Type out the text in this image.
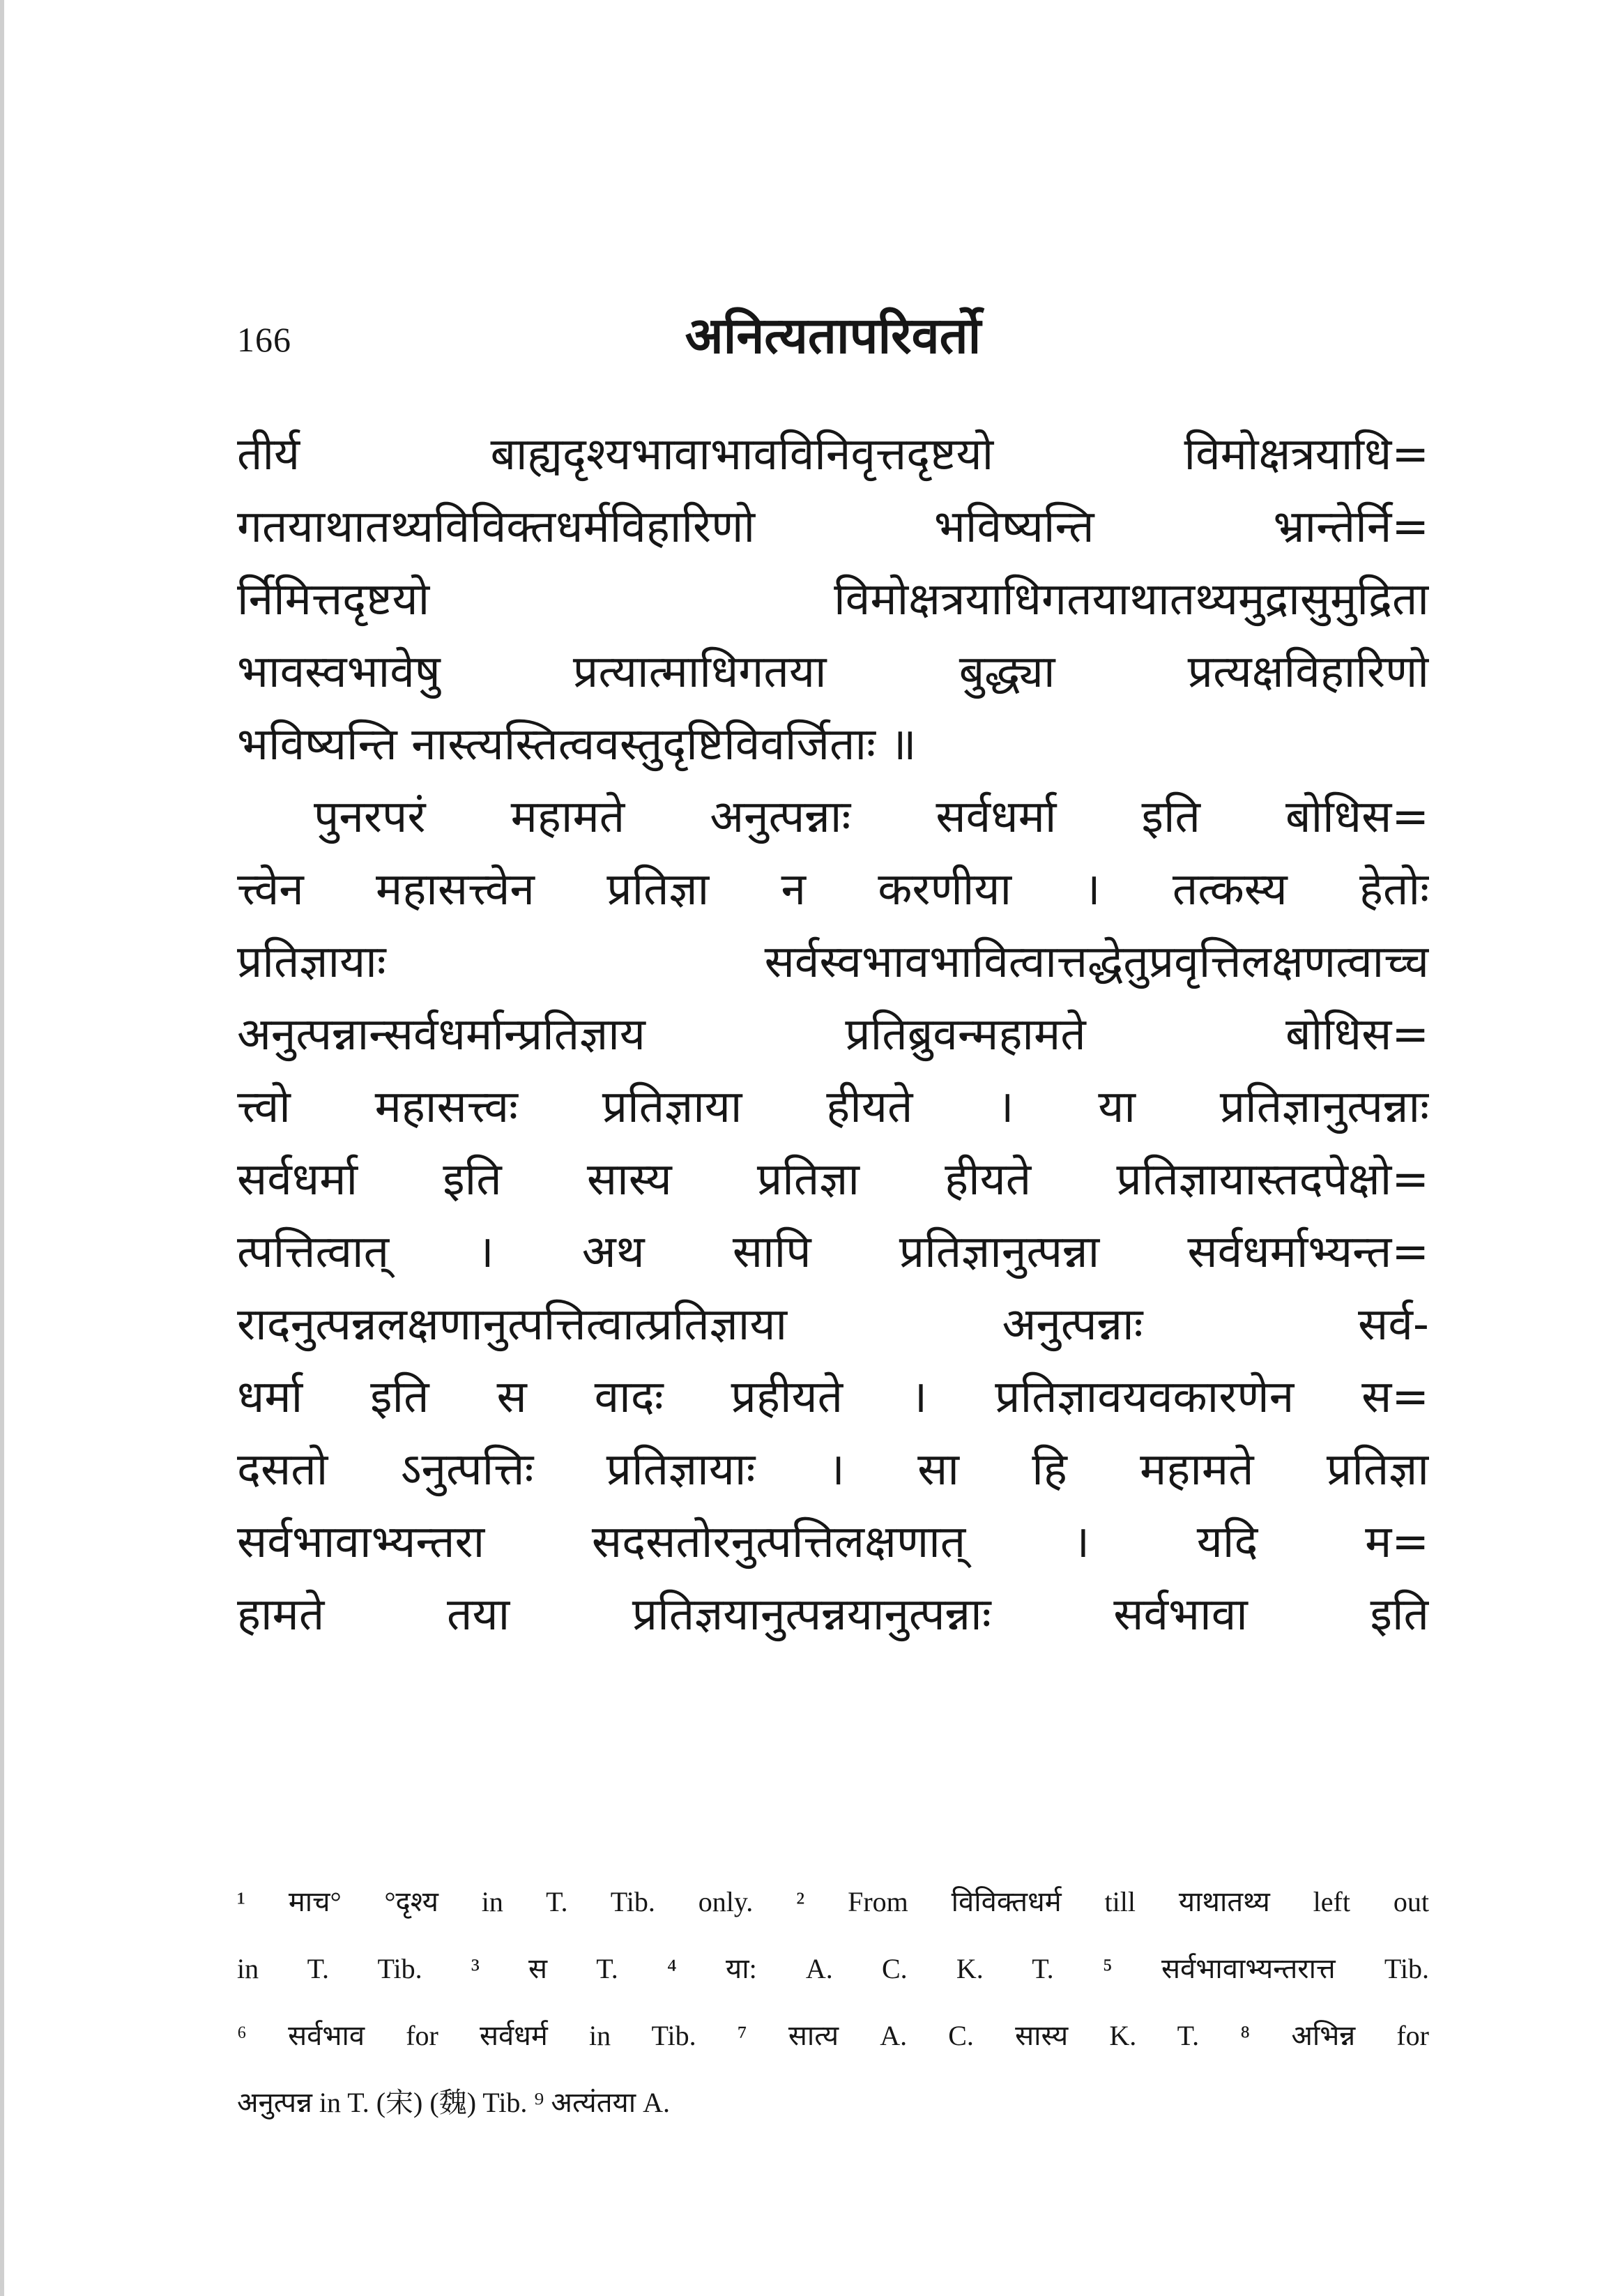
166	अनित्यतापरिवर्तो
तीर्य बाह्यदृश्यभावाभावविनिवृत्तदृष्टयो विमोक्षत्रयाधि=
गतयाथातथ्यविविक्तधर्मविहारिणो भविष्यन्ति भ्रान्तेर्नि=
र्निमित्तदृष्टयो विमोक्षत्रयाधिगतयाथातथ्यमुद्रासुमुद्रिता
भावस्वभावेषु प्रत्यात्माधिगतया बुद्ध्या प्रत्यक्षविहारिणो
भविष्यन्ति नास्त्यस्तित्ववस्तुदृष्टिविवर्जिताः ॥
पुनरपरं महामते अनुत्पन्नाः सर्वधर्मा इति बोधिस=
त्त्वेन महासत्त्वेन प्रतिज्ञा न करणीया । तत्कस्य हेतोः
प्रतिज्ञायाः सर्वस्वभावभावित्वात्तद्धेतुप्रवृत्तिलक्षणत्वाच्च
अनुत्पन्नान्सर्वधर्मान्प्रतिज्ञाय प्रतिब्रुवन्महामते बोधिस=
त्त्वो महासत्त्वः प्रतिज्ञाया हीयते । या प्रतिज्ञानुत्पन्नाः
सर्वधर्मा इति सास्य प्रतिज्ञा हीयते प्रतिज्ञायास्तदपेक्षो=
त्पत्तित्वात् । अथ सापि प्रतिज्ञानुत्पन्ना सर्वधर्माभ्यन्त=
रादनुत्पन्नलक्षणानुत्पत्तित्वात्प्रतिज्ञाया अनुत्पन्नाः सर्व-
धर्मा इति स वादः प्रहीयते । प्रतिज्ञावयवकारणेन स=
दसतो ऽनुत्पत्तिः प्रतिज्ञायाः । सा हि महामते प्रतिज्ञा
सर्वभावाभ्यन्तरा सदसतोरनुत्पत्तिलक्षणात् । यदि म=
हामते तया प्रतिज्ञयानुत्पन्नयानुत्पन्नाः सर्वभावा इति
¹ माच° °दृश्य in T. Tib. only. ² From विविक्तधर्म till याथातथ्य left out
in T. Tib. ³ स T. ⁴ या: A. C. K. T. ⁵ सर्वभावाभ्यन्तरात्त Tib.
⁶ सर्वभाव for सर्वधर्म in Tib. ⁷ सात्य A. C. सास्य K. T. ⁸ अभिन्न for
अनुत्पन्न in T. (宋) (魏) Tib. ⁹ अत्यंतया A.
